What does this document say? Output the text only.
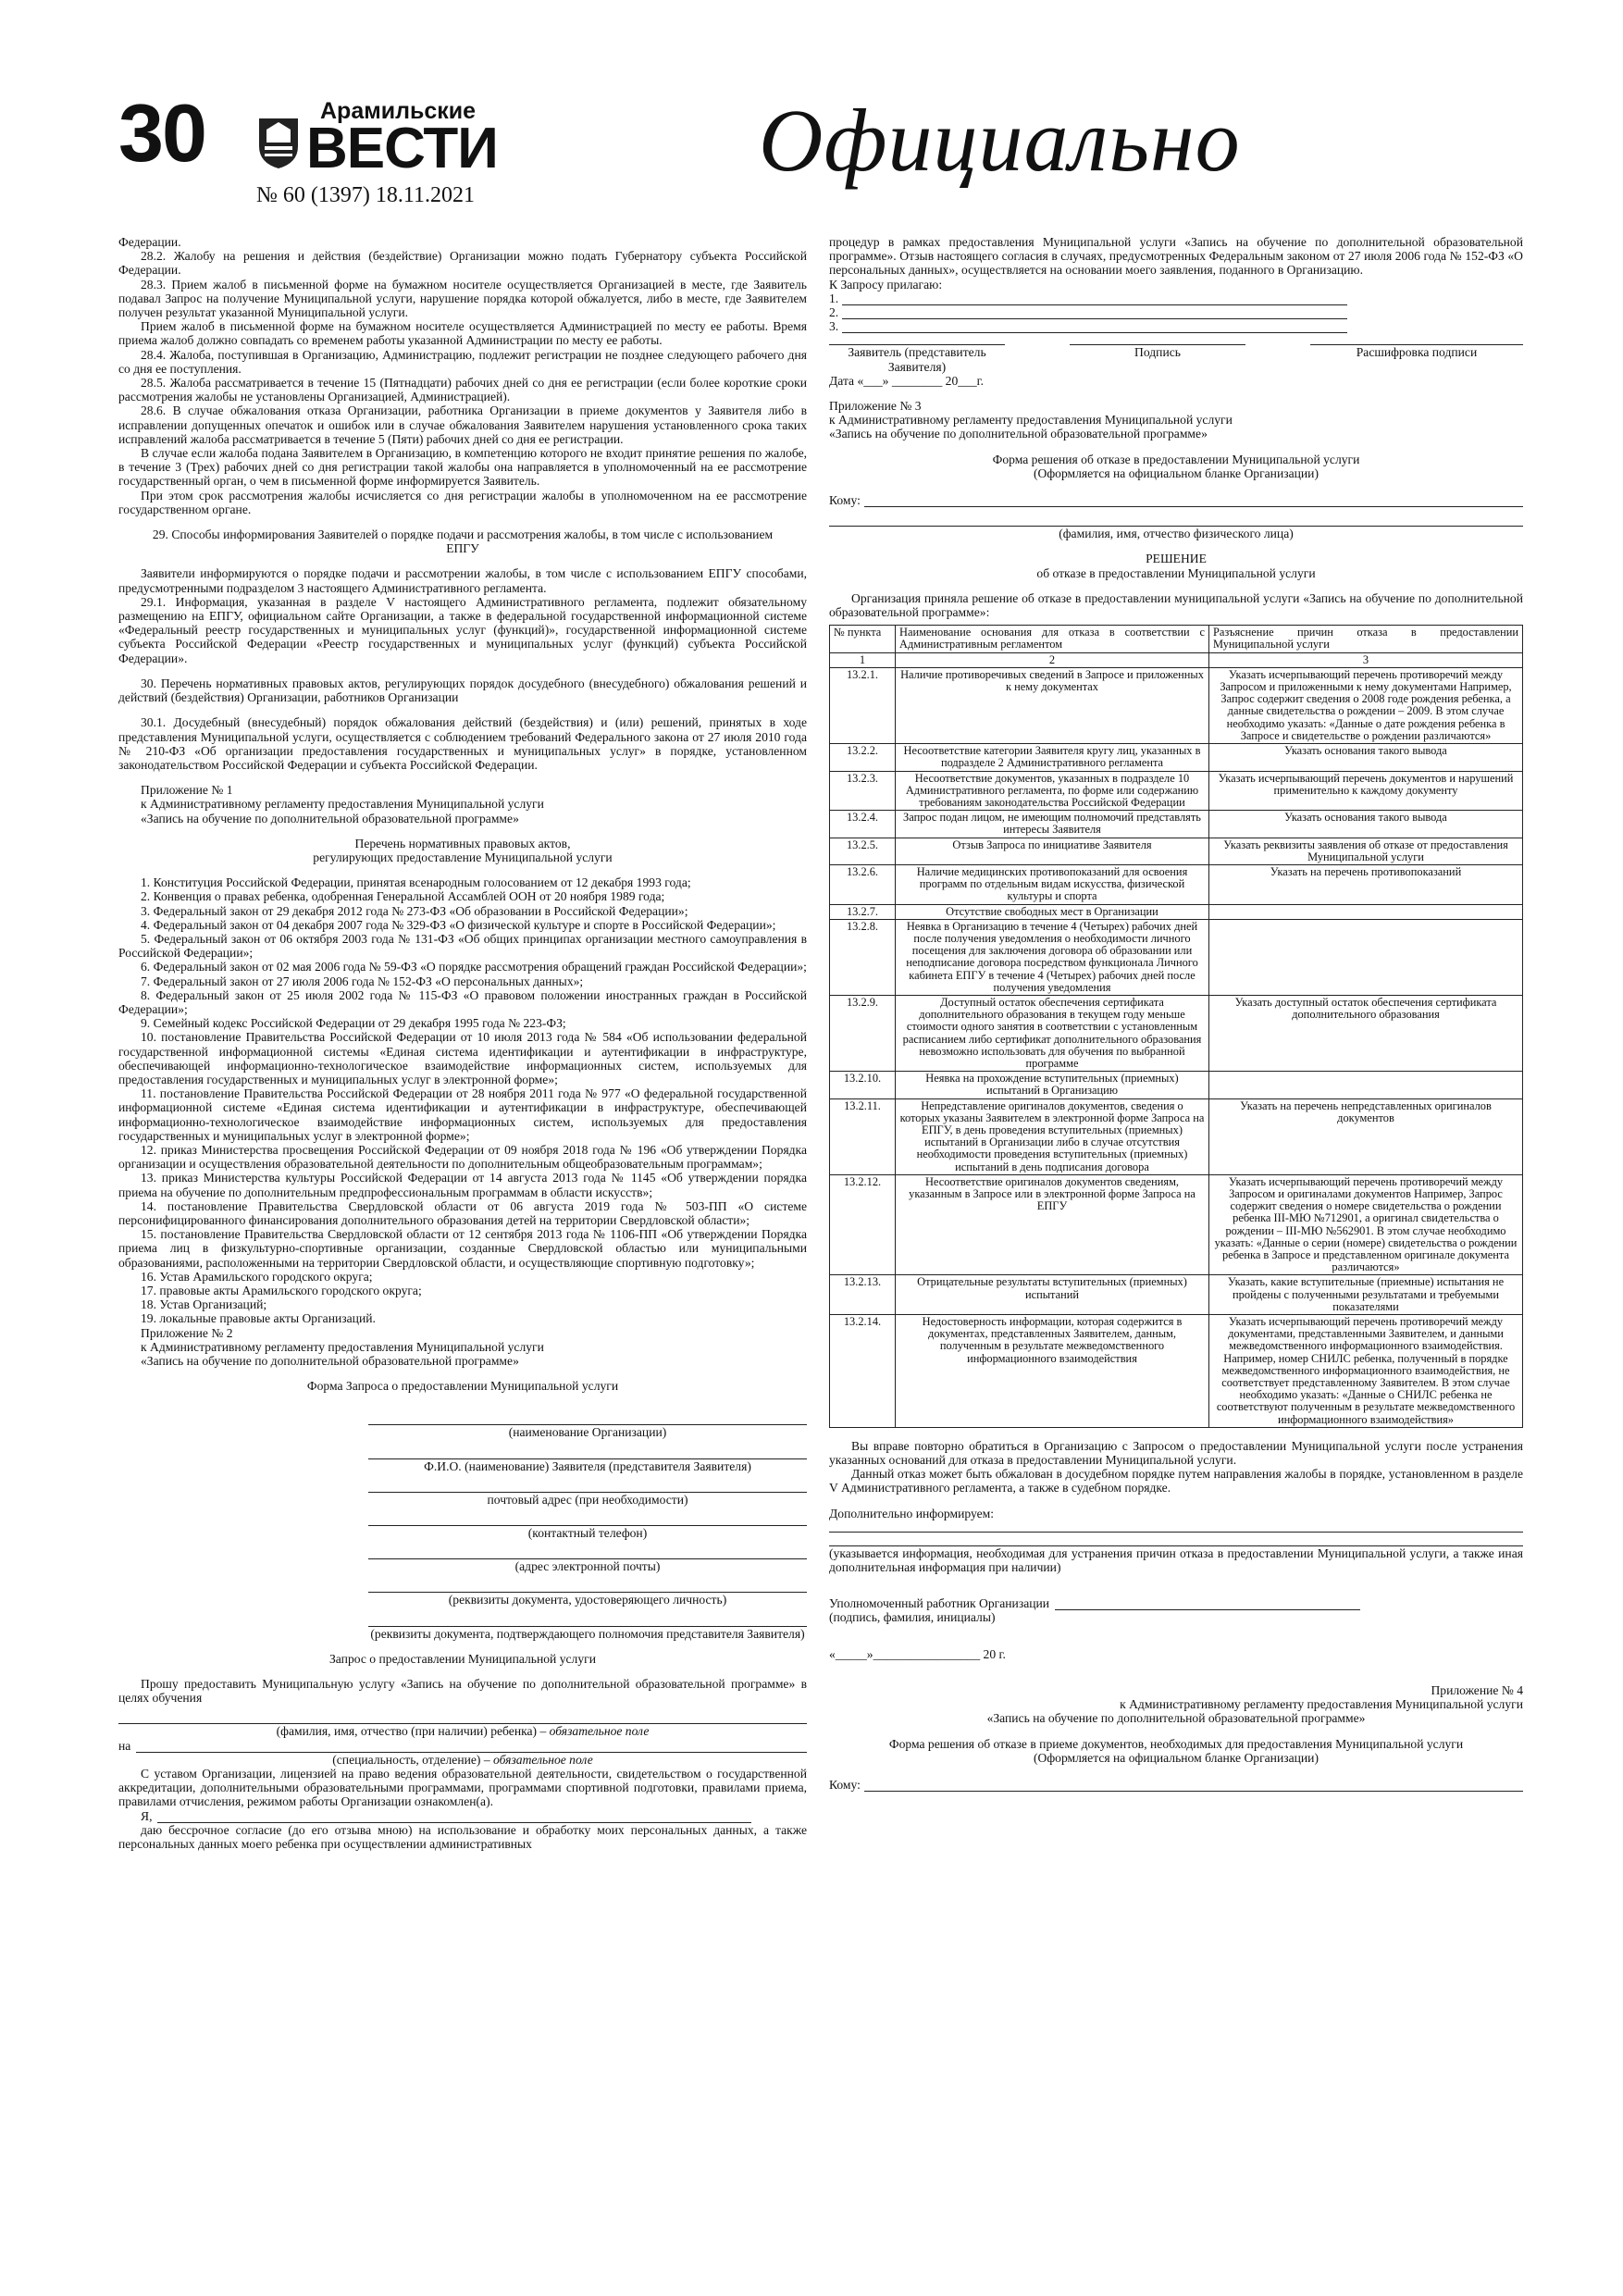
30	Арамильские
ВЕСТИ
№ 60 (1397) 18.11.2021
Официально

Федерации.

28.2. Жалобу на решения и действия (бездействие) Организации можно подать Губернатору субъекта Российской Федерации.

28.3. Прием жалоб в письменной форме на бумажном носителе осуществляется Организацией в месте, где Заявитель подавал Запрос на получение Муниципальной услуги, нарушение порядка которой обжалуется, либо в месте, где Заявителем получен результат указанной Муниципальной услуги.

Прием жалоб в письменной форме на бумажном носителе осуществляется Администрацией по месту ее работы. Время приема жалоб должно совпадать со временем работы указанной Администрации по месту ее работы.

28.4. Жалоба, поступившая в Организацию, Администрацию, подлежит регистрации не позднее следующего рабочего дня со дня ее поступления.

28.5. Жалоба рассматривается в течение 15 (Пятнадцати) рабочих дней со дня ее регистрации (если более короткие сроки рассмотрения жалобы не установлены Организацией, Администрацией).

28.6. В случае обжалования отказа Организации, работника Организации в приеме документов у Заявителя либо в исправлении допущенных опечаток и ошибок или в случае обжалования Заявителем нарушения установленного срока таких исправлений жалоба рассматривается в течение 5 (Пяти) рабочих дней со дня ее регистрации.

В случае если жалоба подана Заявителем в Организацию, в компетенцию которого не входит принятие решения по жалобе, в течение 3 (Трех) рабочих дней со дня регистрации такой жалобы она направляется в уполномоченный на ее рассмотрение государственный орган, о чем в письменной форме информируется Заявитель.

При этом срок рассмотрения жалобы исчисляется со дня регистрации жалобы в уполномоченном на ее рассмотрение государственном органе.

29. Способы информирования Заявителей о порядке подачи и рассмотрения жалобы, в том числе с использованием ЕПГУ

Заявители информируются о порядке подачи и рассмотрении жалобы, в том числе с использованием ЕПГУ способами, предусмотренными подразделом 3 настоящего Административного регламента.

29.1. Информация, указанная в разделе V настоящего Административного регламента, подлежит обязательному размещению на ЕПГУ, официальном сайте Организации, а также в федеральной государственной информационной системе «Федеральный реестр государственных и муниципальных услуг (функций)», государственной информационной системе субъекта Российской Федерации «Реестр государственных и муниципальных услуг (функций) субъекта Российской Федерации».

30. Перечень нормативных правовых актов, регулирующих порядок досудебного (внесудебного) обжалования решений и действий (бездействия) Организации, работников Организации

30.1. Досудебный (внесудебный) порядок обжалования действий (бездействия) и (или) решений, принятых в ходе представления Муниципальной услуги, осуществляется с соблюдением требований Федерального закона от 27 июля 2010 года № 210-ФЗ «Об организации предоставления государственных и муниципальных услуг» в порядке, установленном законодательством Российской Федерации и субъекта Российской Федерации.

Приложение № 1

к Административному регламенту предоставления Муниципальной услуги

«Запись на обучение по дополнительной образовательной программе»

Перечень нормативных правовых актов,

регулирующих предоставление Муниципальной услуги

1. Конституция Российской Федерации, принятая всенародным голосованием от 12 декабря 1993 года;

2. Конвенция о правах ребенка, одобренная Генеральной Ассамблей ООН от 20 ноября 1989 года;

3. Федеральный закон от 29 декабря 2012 года № 273-ФЗ «Об образовании в Российской Федерации»;

4. Федеральный закон от 04 декабря 2007 года № 329-ФЗ «О физической культуре и спорте в Российской Федерации»;

5. Федеральный закон от 06 октября 2003 года № 131-ФЗ «Об общих принципах организации местного самоуправления в Российской Федерации»;

6. Федеральный закон от 02 мая 2006 года № 59-ФЗ «О порядке рассмотрения обращений граждан Российской Федерации»;

7. Федеральный закон от 27 июля 2006 года № 152-ФЗ «О персональных данных»;

8. Федеральный закон от 25 июля 2002 года № 115-ФЗ «О правовом положении иностранных граждан в Российской Федерации»;

9. Семейный кодекс Российской Федерации от 29 декабря 1995 года № 223-ФЗ;

10. постановление Правительства Российской Федерации от 10 июля 2013 года № 584 «Об использовании федеральной государственной информационной системы «Единая система идентификации и аутентификации в инфраструктуре, обеспечивающей информационно-технологическое взаимодействие информационных систем, используемых для предоставления государственных и муниципальных услуг в электронной форме»;

11. постановление Правительства Российской Федерации от 28 ноября 2011 года № 977 «О федеральной государственной информационной системе «Единая система идентификации и аутентификации в инфраструктуре, обеспечивающей информационно-технологическое взаимодействие информационных систем, используемых для предоставления государственных и муниципальных услуг в электронной форме»;

12. приказ Министерства просвещения Российской Федерации от 09 ноября 2018 года № 196 «Об утверждении Порядка организации и осуществления образовательной деятельности по дополнительным общеобразовательным программам»;

13. приказ Министерства культуры Российской Федерации от 14 августа 2013 года № 1145 «Об утверждении порядка приема на обучение по дополнительным предпрофессиональным программам в области искусств»;

14. постановление Правительства Свердловской области от 06 августа 2019 года № 503-ПП «О системе персонифицированного финансирования дополнительного образования детей на территории Свердловской области»;

15. постановление Правительства Свердловской области от 12 сентября 2013 года № 1106-ПП «Об утверждении Порядка приема лиц в физкультурно-спортивные организации, созданные Свердловской областью или муниципальными образованиями, расположенными на территории Свердловской области, и осуществляющие спортивную подготовку»;

16. Устав Арамильского городского округа;

17. правовые акты Арамильского городского округа;

18. Устав Организаций;

19. локальные правовые акты Организаций.

Приложение № 2

к Административному регламенту предоставления Муниципальной услуги

«Запись на обучение по дополнительной образовательной программе»

Форма Запроса о предоставлении Муниципальной услуги

(наименование Организации)
Ф.И.О. (наименование) Заявителя (представителя Заявителя)
почтовый адрес (при необходимости)
(контактный телефон)
(адрес электронной почты)
(реквизиты документа, удостоверяющего личность)
(реквизиты документа, подтверждающего полномочия представителя Заявителя)

Запрос о предоставлении Муниципальной услуги

Прошу предоставить Муниципальную услугу «Запись на обучение по дополнительной образовательной программе» в целях обучения

(фамилия, имя, отчество (при наличии) ребенка) – обязательное поле
на
(специальность, отделение) – обязательное поле

С уставом Организации, лицензией на право ведения образовательной деятельности, свидетельством о государственной аккредитации, дополнительными образовательными программами, программами спортивной подготовки, правилами приема, правилами отчисления, режимом работы Организации ознакомлен(а).

Я,

даю бессрочное согласие (до его отзыва мною) на использование и обработку моих персональных данных, а также персональных данных моего ребенка при осуществлении административных

процедур в рамках предоставления Муниципальной услуги «Запись на обучение по дополнительной образовательной программе». Отзыв настоящего согласия в случаях, предусмотренных Федеральным законом от 27 июля 2006 года № 152-ФЗ «О персональных данных», осуществляется на основании моего заявления, поданного в Организацию.

К Запросу прилагаю:

1.
2.
3.
Заявитель (представитель Заявителя)
Подпись	Расшифровка подписи

Дата «___» ________ 20___г.

Приложение № 3

к Административному регламенту предоставления Муниципальной услуги

«Запись на обучение по дополнительной образовательной программе»

Форма решения об отказе в предоставлении Муниципальной услуги

(Оформляется на официальном бланке Организации)

Кому:

(фамилия, имя, отчество физического лица)

РЕШЕНИЕ

об отказе в предоставлении Муниципальной услуги

Организация приняла решение об отказе в предоставлении муниципальной услуги «Запись на обучение по дополнительной образовательной программе»:

№ пункта	Наименование основания для отказа в соответствии с Административным регламентом	Разъяснение причин отказа в предоставлении Муниципальной услуги
1	2	3
13.2.1.	Наличие противоречивых сведений в Запросе и приложенных к нему документах	Указать исчерпывающий перечень противоречий между Запросом и приложенными к нему документами Например, Запрос содержит сведения о 2008 годе рождения ребенка, а данные свидетельства о рождении – 2009. В этом случае необходимо указать: «Данные о дате рождения ребенка в Запросе и свидетельстве о рождении различаются»
13.2.2.	Несоответствие категории Заявителя кругу лиц, указанных в подразделе 2 Административного регламента	Указать основания такого вывода
13.2.3.	Несоответствие документов, указанных в подразделе 10 Административного регламента, по форме или содержанию требованиям законодательства Российской Федерации	Указать исчерпывающий перечень документов и нарушений применительно к каждому документу
13.2.4.	Запрос подан лицом, не имеющим полномочий представлять интересы Заявителя	Указать основания такого вывода
13.2.5.	Отзыв Запроса по инициативе Заявителя	Указать реквизиты заявления об отказе от предоставления Муниципальной услуги
13.2.6.	Наличие медицинских противопоказаний для освоения программ по отдельным видам искусства, физической культуры и спорта	Указать на перечень противопоказаний
13.2.7.	Отсутствие свободных мест в Организации	
13.2.8.	Неявка в Организацию в течение 4 (Четырех) рабочих дней после получения уведомления о необходимости личного посещения для заключения договора об образовании или неподписание договора посредством функционала Личного кабинета ЕПГУ в течение 4 (Четырех) рабочих дней после получения уведомления	
13.2.9.	Доступный остаток обеспечения сертификата дополнительного образования в текущем году меньше стоимости одного занятия в соответствии с установленным расписанием либо сертификат дополнительного образования невозможно использовать для обучения по выбранной программе	Указать доступный остаток обеспечения сертификата дополнительного образования
13.2.10.	Неявка на прохождение вступительных (приемных) испытаний в Организацию	
13.2.11.	Непредставление оригиналов документов, сведения о которых указаны Заявителем в электронной форме Запроса на ЕПГУ, в день проведения вступительных (приемных) испытаний в Организации либо в случае отсутствия необходимости проведения вступительных (приемных) испытаний в день подписания договора	Указать на перечень непредставленных оригиналов документов
13.2.12.	Несоответствие оригиналов документов сведениям, указанным в Запросе или в электронной форме Запроса на ЕПГУ	Указать исчерпывающий перечень противоречий между Запросом и оригиналами документов Например, Запрос содержит сведения о номере свидетельства о рождении ребенка III-МЮ №712901, а оригинал свидетельства о рождении – III-МЮ №562901. В этом случае необходимо указать: «Данные о серии (номере) свидетельства о рождении ребенка в Запросе и представленном оригинале документа различаются»
13.2.13.	Отрицательные результаты вступительных (приемных) испытаний	Указать, какие вступительные (приемные) испытания не пройдены с полученными результатами и требуемыми показателями
13.2.14.	Недостоверность информации, которая содержится в документах, представленных Заявителем, данным, полученным в результате межведомственного информационного взаимодействия	Указать исчерпывающий перечень противоречий между документами, представленными Заявителем, и данными межведомственного информационного взаимодействия. Например, номер СНИЛС ребенка, полученный в порядке межведомственного информационного взаимодействия, не соответствует представленному Заявителем. В этом случае необходимо указать: «Данные о СНИЛС ребенка не соответствуют полученным в результате межведомственного информационного взаимодействия»

Вы вправе повторно обратиться в Организацию с Запросом о предоставлении Муниципальной услуги после устранения указанных оснований для отказа в предоставлении Муниципальной услуги.

Данный отказ может быть обжалован в досудебном порядке путем направления жалобы в порядке, установленном в разделе V Административного регламента, а также в судебном порядке.

Дополнительно информируем:

(указывается информация, необходимая для устранения причин отказа в предоставлении Муниципальной услуги, а также иная дополнительная информация при наличии)

Уполномоченный работник Организации

(подпись, фамилия, инициалы)

«_____»_________________ 20 г.

Приложение № 4

к Административному регламенту предоставления Муниципальной услуги

«Запись на обучение по дополнительной образовательной программе»

Форма решения об отказе в приеме документов, необходимых для предоставления Муниципальной услуги

(Оформляется на официальном бланке Организации)

Кому:
